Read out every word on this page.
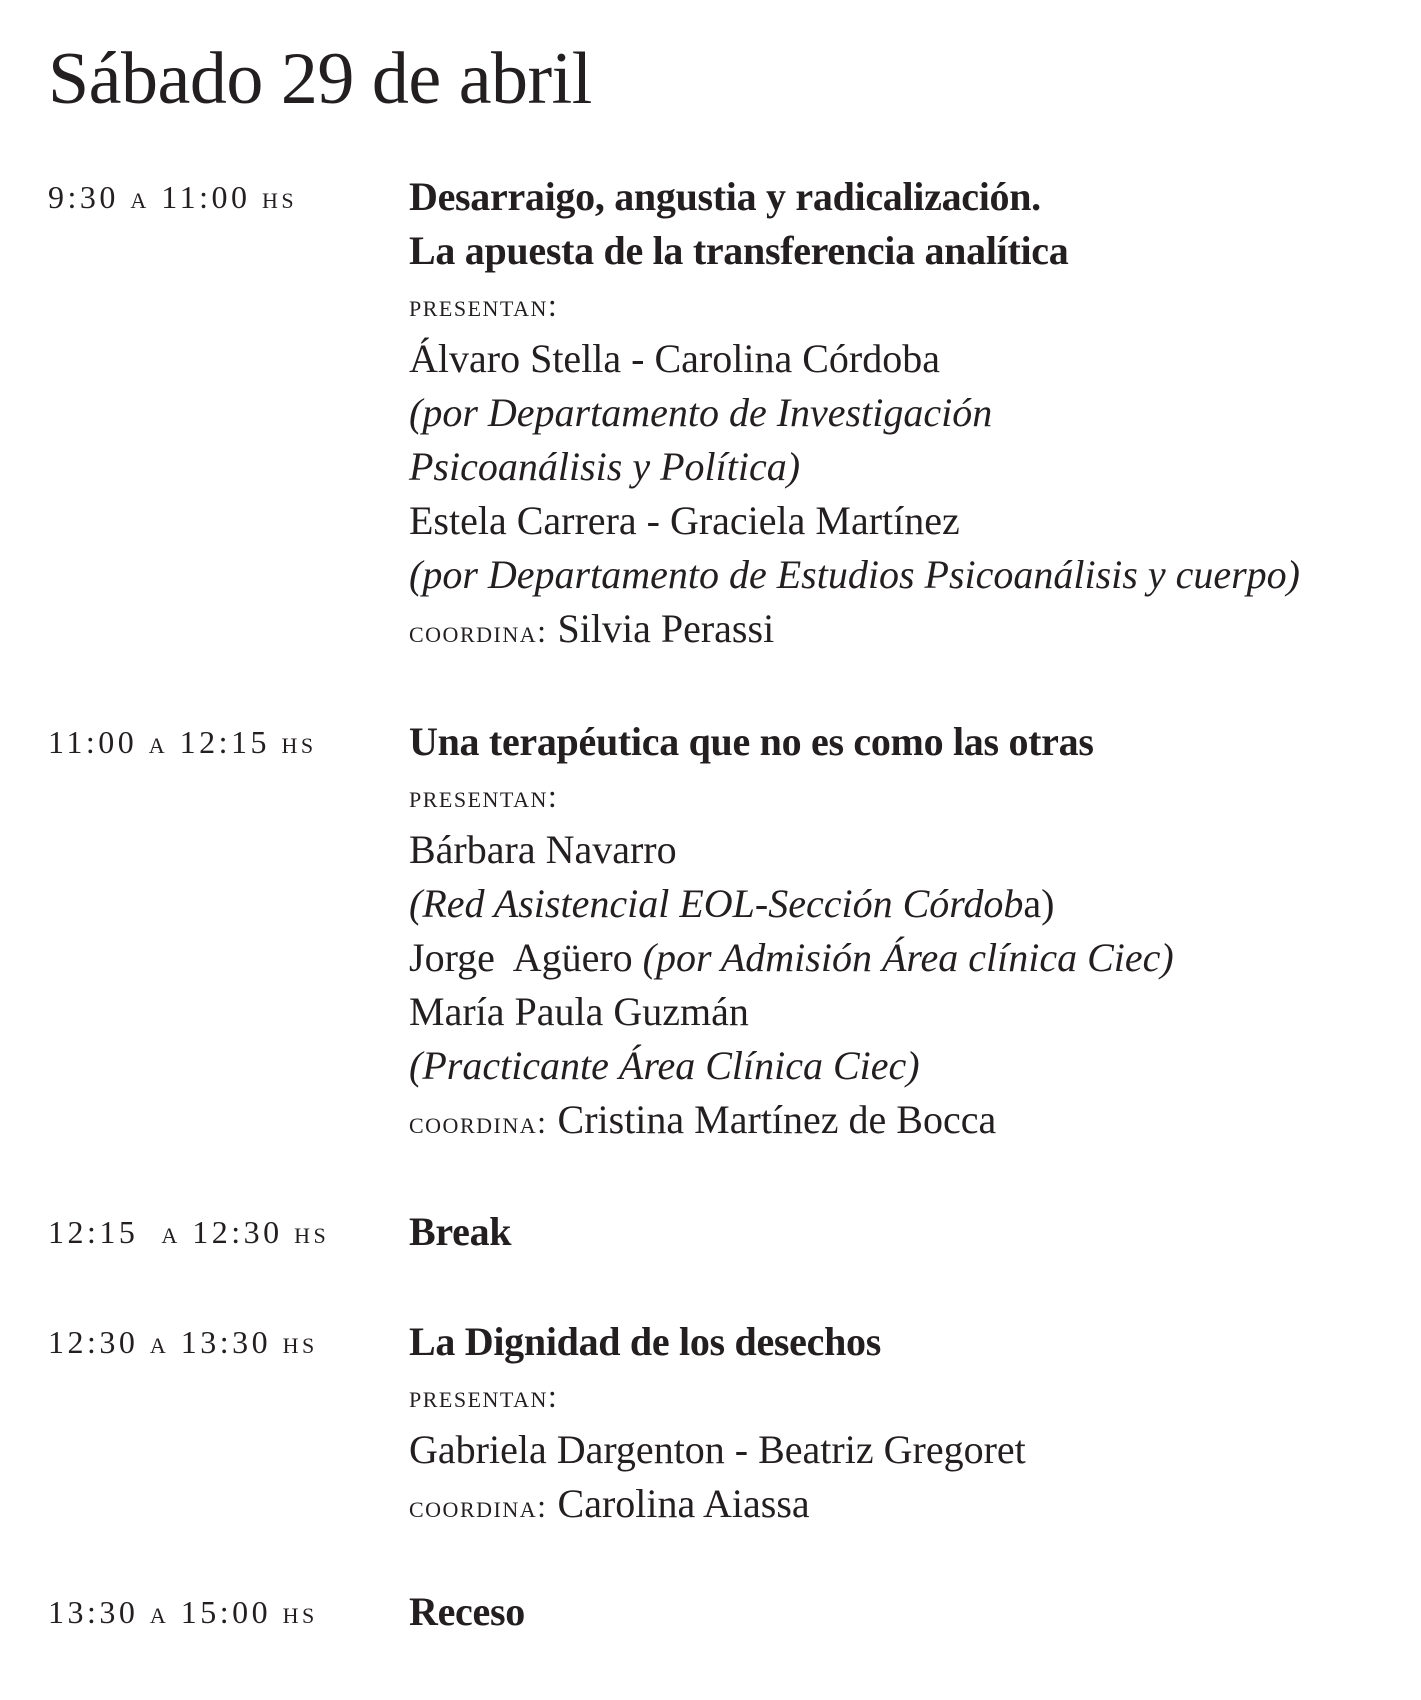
Sábado 29 de abril
9:30 a 11:00 hs	Desarraigo, angustia y radicalización.
La apuesta de la transferencia analítica
presentan:
Álvaro Stella - Carolina Córdoba
(por Departamento de Investigación
Psicoanálisis y Política)
Estela Carrera - Graciela Martínez
(por Departamento de Estudios Psicoanálisis y cuerpo)
coordina: Silvia Perassi
11:00 a 12:15 hs Una terapéutica que no es como las otras
presentan:
Bárbara Navarro
(Red Asistencial EOL-Sección Córdoba)
Jorge  Agüero (por Admisión Área clínica Ciec)
María Paula Guzmán
(Practicante Área Clínica Ciec)
coordina: Cristina Martínez de Bocca
12:15  a 12:30 hs Break
12:30 a 13:30 hs La Dignidad de los desechos
presentan:
Gabriela Dargenton - Beatriz Gregoret
coordina: Carolina Aiassa
13:30 a 15:00 hs Receso
